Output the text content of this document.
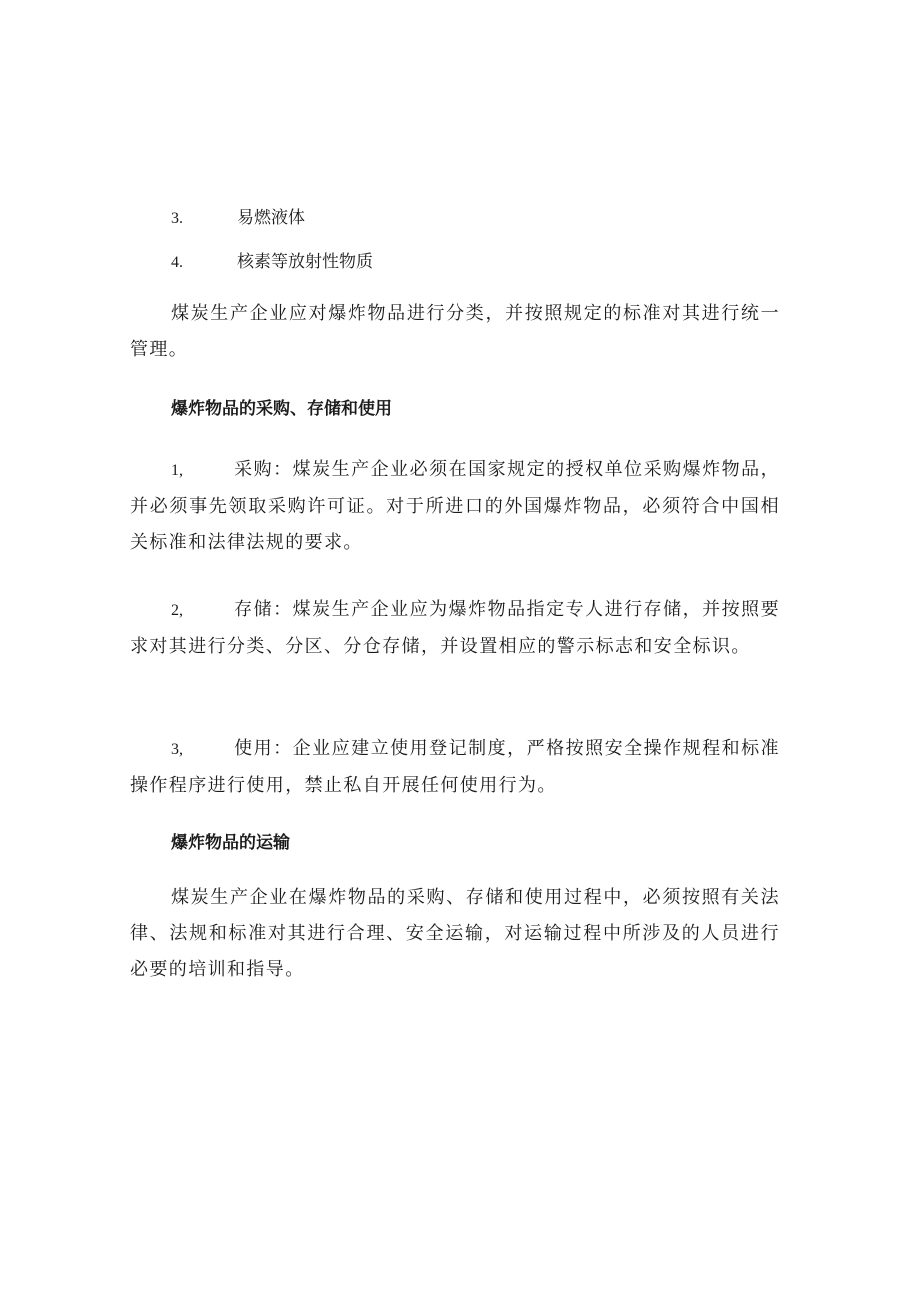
3.	易燃液体
4.	核素等放射性物质
煤炭生产企业应对爆炸物品进行分类，并按照规定的标准对其进行统一管理。
爆炸物品的采购、存储和使用
1,	采购：煤炭生产企业必须在国家规定的授权单位采购爆炸物品，并必须事先领取采购许可证。对于所进口的外国爆炸物品，必须符合中国相关标准和法律法规的要求。
2,	存储：煤炭生产企业应为爆炸物品指定专人进行存储，并按照要求对其进行分类、分区、分仓存储，并设置相应的警示标志和安全标识。
3,	使用：企业应建立使用登记制度，严格按照安全操作规程和标准操作程序进行使用，禁止私自开展任何使用行为。
爆炸物品的运输
煤炭生产企业在爆炸物品的采购、存储和使用过程中，必须按照有关法律、法规和标准对其进行合理、安全运输，对运输过程中所涉及的人员进行必要的培训和指导。
